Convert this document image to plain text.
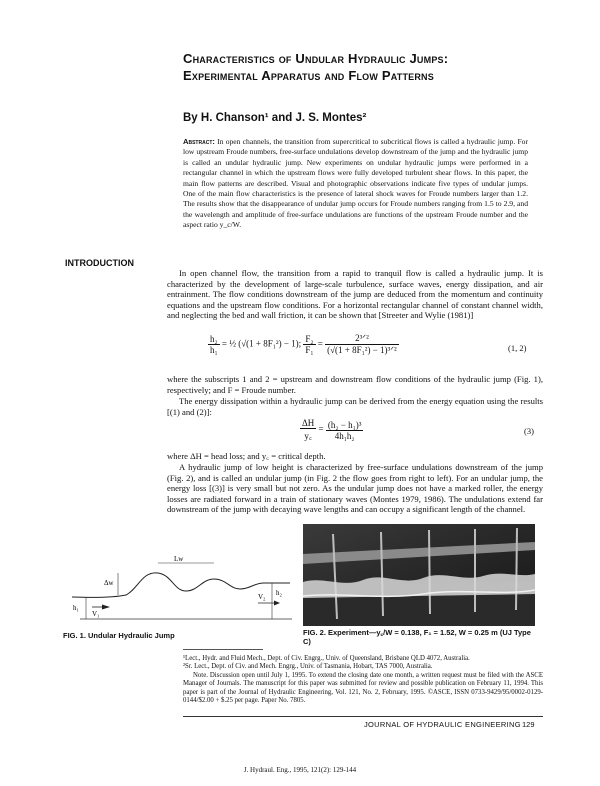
Characteristics of Undular Hydraulic Jumps: Experimental Apparatus and Flow Patterns
By H. Chanson¹ and J. S. Montes²

Abstract: In open channels, the transition from supercritical to subcritical flows is called a hydraulic jump. For low upstream Froude numbers, free-surface undulations develop downstream of the jump and the hydraulic jump is called an undular hydraulic jump. New experiments on undular hydraulic jumps were performed in a rectangular channel in which the upstream flows were fully developed turbulent shear flows. In this paper, the main flow patterns are described. Visual and photographic observations indicate five types of undular jumps. One of the main flow characteristics is the presence of lateral shock waves for Froude numbers larger than 1.2. The results show that the disappearance of undular jump occurs for Froude numbers ranging from 1.5 to 2.9, and the wavelength and amplitude of free-surface undulations are functions of the upstream Froude number and the aspect ratio y_c/W.

INTRODUCTION

In open channel flow, the transition from a rapid to tranquil flow is called a hydraulic jump. It is characterized by the development of large-scale turbulence, surface waves, energy dissipation, and air entrainment. The flow conditions downstream of the jump are deduced from the momentum and continuity equations and the upstream flow conditions. For a horizontal rectangular channel of constant channel width, and neglecting the bed and wall friction, it can be shown that [Streeter and Wylie (1981)]

$\frac{\text{h₂}}{\text{h₁}}$ = ½ (√(1 + 8F₁²) − 1); $\frac{\text{F₂}}{\text{F₁}} = \frac{\text{2³ᐟ²}}{\text{(√(1 + 8F₁²) − 1)³ᐟ²}}$	(1, 2)

where the subscripts 1 and 2 = upstream and downstream flow conditions of the hydraulic jump (Fig. 1), respectively; and F = Froude number.

The energy dissipation within a hydraulic jump can be derived from the energy equation using the results [(1) and (2)]:

$\frac{\Delta H}{y꜀} = \frac{\text{(h₂ − h₁)³}}{\text{4h₁h₂}}$	(3)

where ΔH = head loss; and y꜀ = critical depth.

A hydraulic jump of low height is characterized by free-surface undulations downstream of the jump (Fig. 2), and is called an undular jump (in Fig. 2 the flow goes from right to left). For an undular jump, the energy loss [(3)] is very small but not zero. As the undular jump does not have a marked roller, the energy losses are radiated forward in a train of stationary waves (Montes 1979, 1986). The undulations extend far downstream of the jump with decaying wave lengths and can occupy a significant length of the channel.

h₁
V₁
Δw
Lw
h₂
V₂
FIG. 1. Undular Hydraulic Jump	FIG. 2. Experiment—y꜀/W = 0.138, F₁ = 1.52, W = 0.25 m (UJ Type C)

¹Lect., Hydr. and Fluid Mech., Dept. of Civ. Engrg., Univ. of Queensland, Brisbane QLD 4072, Australia.

²Sr. Lect., Dept. of Civ. and Mech. Engrg., Univ. of Tasmania, Hobart, TAS 7000, Australia.

Note. Discussion open until July 1, 1995. To extend the closing date one month, a written request must be filed with the ASCE Manager of Journals. The manuscript for this paper was submitted for review and possible publication on February 11, 1994. This paper is part of the Journal of Hydraulic Engineering, Vol. 121, No. 2, February, 1995. ©ASCE, ISSN 0733-9429/95/0002-0129-0144/$2.00 + $.25 per page. Paper No. 7805.

JOURNAL OF HYDRAULIC ENGINEERING 129
J. Hydraul. Eng., 1995, 121(2): 129-144
